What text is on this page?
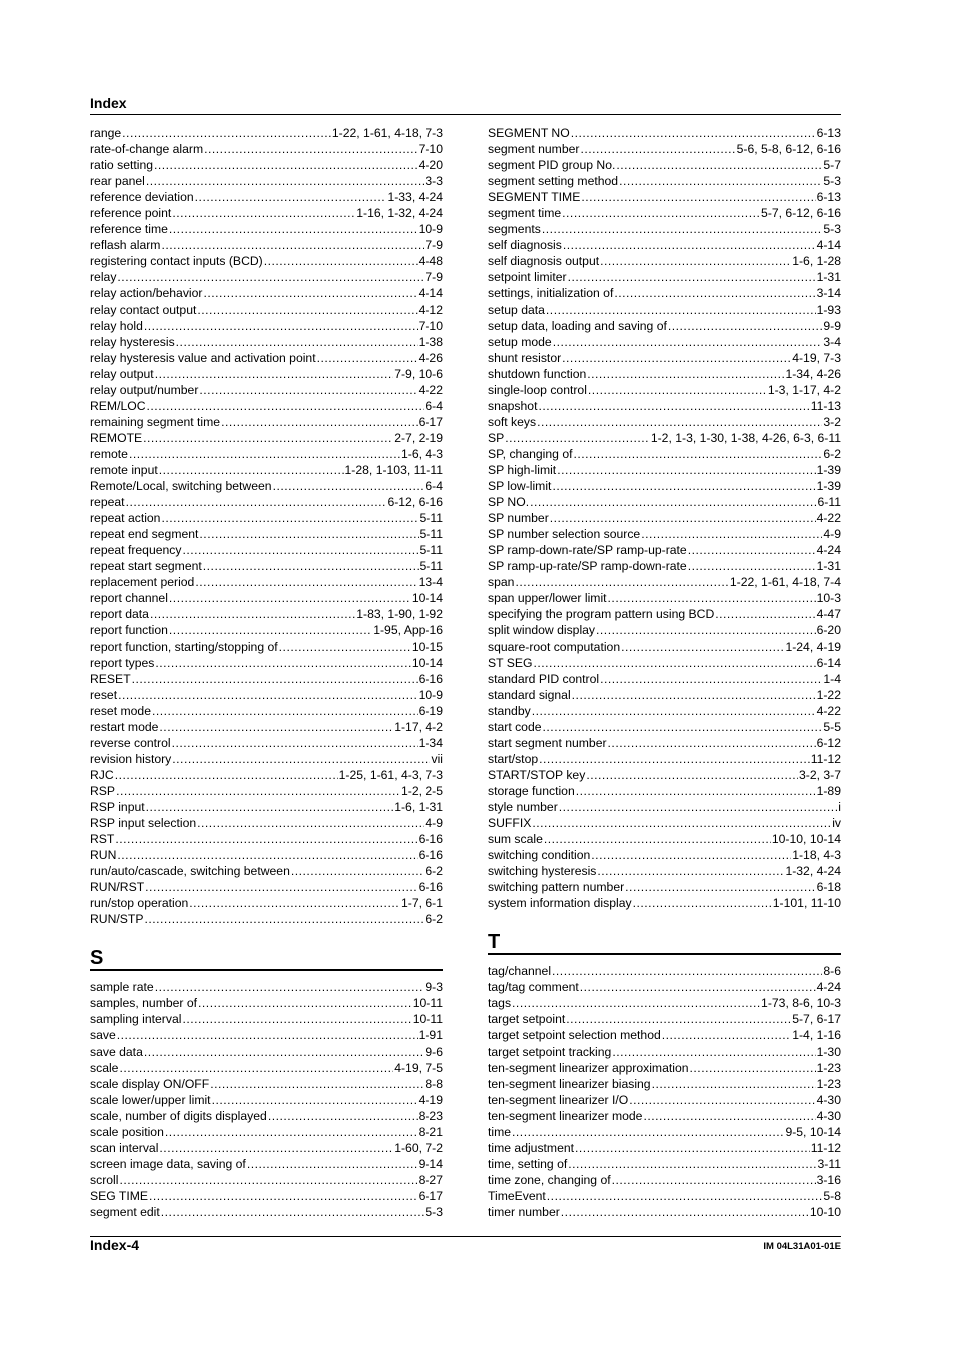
Index
range .....	1-22, 1-61, 4-18, 7-3
rate-of-change alarm .....	7-10
ratio setting .....	4-20
rear panel .....	3-3
reference deviation .....	1-33, 4-24
reference point .....	1-16, 1-32, 4-24
reference time .....	10-9
reflash alarm .....	7-9
registering contact inputs (BCD) .....	4-48
relay .....	7-9
relay action/behavior .....	4-14
relay contact output .....	4-12
relay hold .....	7-10
relay hysteresis .....	1-38
relay hysteresis value and activation point .....	4-26
relay output .....	7-9, 10-6
relay output/number .....	4-22
REM/LOC .....	6-4
remaining segment time .....	6-17
REMOTE .....	2-7, 2-19
remote .....	1-6, 4-3
remote input .....	1-28, 1-103, 11-11
Remote/Local, switching between .....	6-4
repeat .....	6-12, 6-16
repeat action .....	5-11
repeat end segment .....	5-11
repeat frequency .....	5-11
repeat start segment .....	5-11
replacement period .....	13-4
report channel .....	10-14
report data .....	1-83, 1-90, 1-92
report function .....	1-95, App-16
report function, starting/stopping of .....	10-15
report types .....	10-14
RESET .....	6-16
reset .....	10-9
reset mode .....	6-19
restart mode .....	1-17, 4-2
reverse control .....	1-34
revision history .....	vii
RJC .....	1-25, 1-61, 4-3, 7-3
RSP .....	1-2, 2-5
RSP input .....	1-6, 1-31
RSP input selection .....	4-9
RST .....	6-16
RUN .....	6-16
run/auto/cascade, switching between .....	6-2
RUN/RST .....	6-16
run/stop operation .....	1-7, 6-1
RUN/STP .....	6-2
S
sample rate .....	9-3
samples, number of .....	10-11
sampling interval .....	10-11
save .....	1-91
save data .....	9-6
scale .....	4-19, 7-5
scale display ON/OFF .....	8-8
scale lower/upper limit .....	4-19
scale, number of digits displayed .....	8-23
scale position .....	8-21
scan interval .....	1-60, 7-2
screen image data, saving of .....	9-14
scroll .....	8-27
SEG TIME .....	6-17
segment edit .....	5-3
SEGMENT NO .....	6-13
segment number .....	5-6, 5-8, 6-12, 6-16
segment PID group No. .....	5-7
segment setting method .....	5-3
SEGMENT TIME .....	6-13
segment time .....	5-7, 6-12, 6-16
segments .....	5-3
self diagnosis .....	4-14
self diagnosis output .....	1-6, 1-28
setpoint limiter .....	1-31
settings, initialization of .....	3-14
setup data .....	1-93
setup data, loading and saving of .....	9-9
setup mode .....	3-4
shunt resistor .....	4-19, 7-3
shutdown function .....	1-34, 4-26
single-loop control .....	1-3, 1-17, 4-2
snapshot .....	11-13
soft keys .....	3-2
SP .....	1-2, 1-3, 1-30, 1-38, 4-26, 6-3, 6-11
SP, changing of .....	6-2
SP high-limit .....	1-39
SP low-limit .....	1-39
SP NO. .....	6-11
SP number .....	4-22
SP number selection source .....	4-9
SP ramp-down-rate/SP ramp-up-rate .....	4-24
SP ramp-up-rate/SP ramp-down-rate .....	1-31
span .....	1-22, 1-61, 4-18, 7-4
span upper/lower limit .....	10-3
specifying the program pattern using BCD .....	4-47
split window display .....	6-20
square-root computation .....	1-24, 4-19
ST SEG .....	6-14
standard PID control .....	1-4
standard signal .....	1-22
standby .....	4-22
start code .....	5-5
start segment number .....	6-12
start/stop .....	11-12
START/STOP key .....	3-2, 3-7
storage function .....	1-89
style number .....	i
SUFFIX .....	iv
sum scale .....	10-10, 10-14
switching condition .....	1-18, 4-3
switching hysteresis .....	1-32, 4-24
switching pattern number .....	6-18
system information display .....	1-101, 11-10
T
tag/channel .....	8-6
tag/tag comment .....	4-24
tags .....	1-73, 8-6, 10-3
target setpoint .....	5-7, 6-17
target setpoint selection method .....	1-4, 1-16
target setpoint tracking .....	1-30
ten-segment linearizer approximation .....	1-23
ten-segment linearizer biasing .....	1-23
ten-segment linearizer I/O .....	4-30
ten-segment linearizer mode .....	4-30
time .....	9-5, 10-14
time adjustment .....	11-12
time, setting of .....	3-11
time zone, changing of .....	3-16
TimeEvent .....	5-8
timer number .....	10-10
Index-4	IM 04L31A01-01E
